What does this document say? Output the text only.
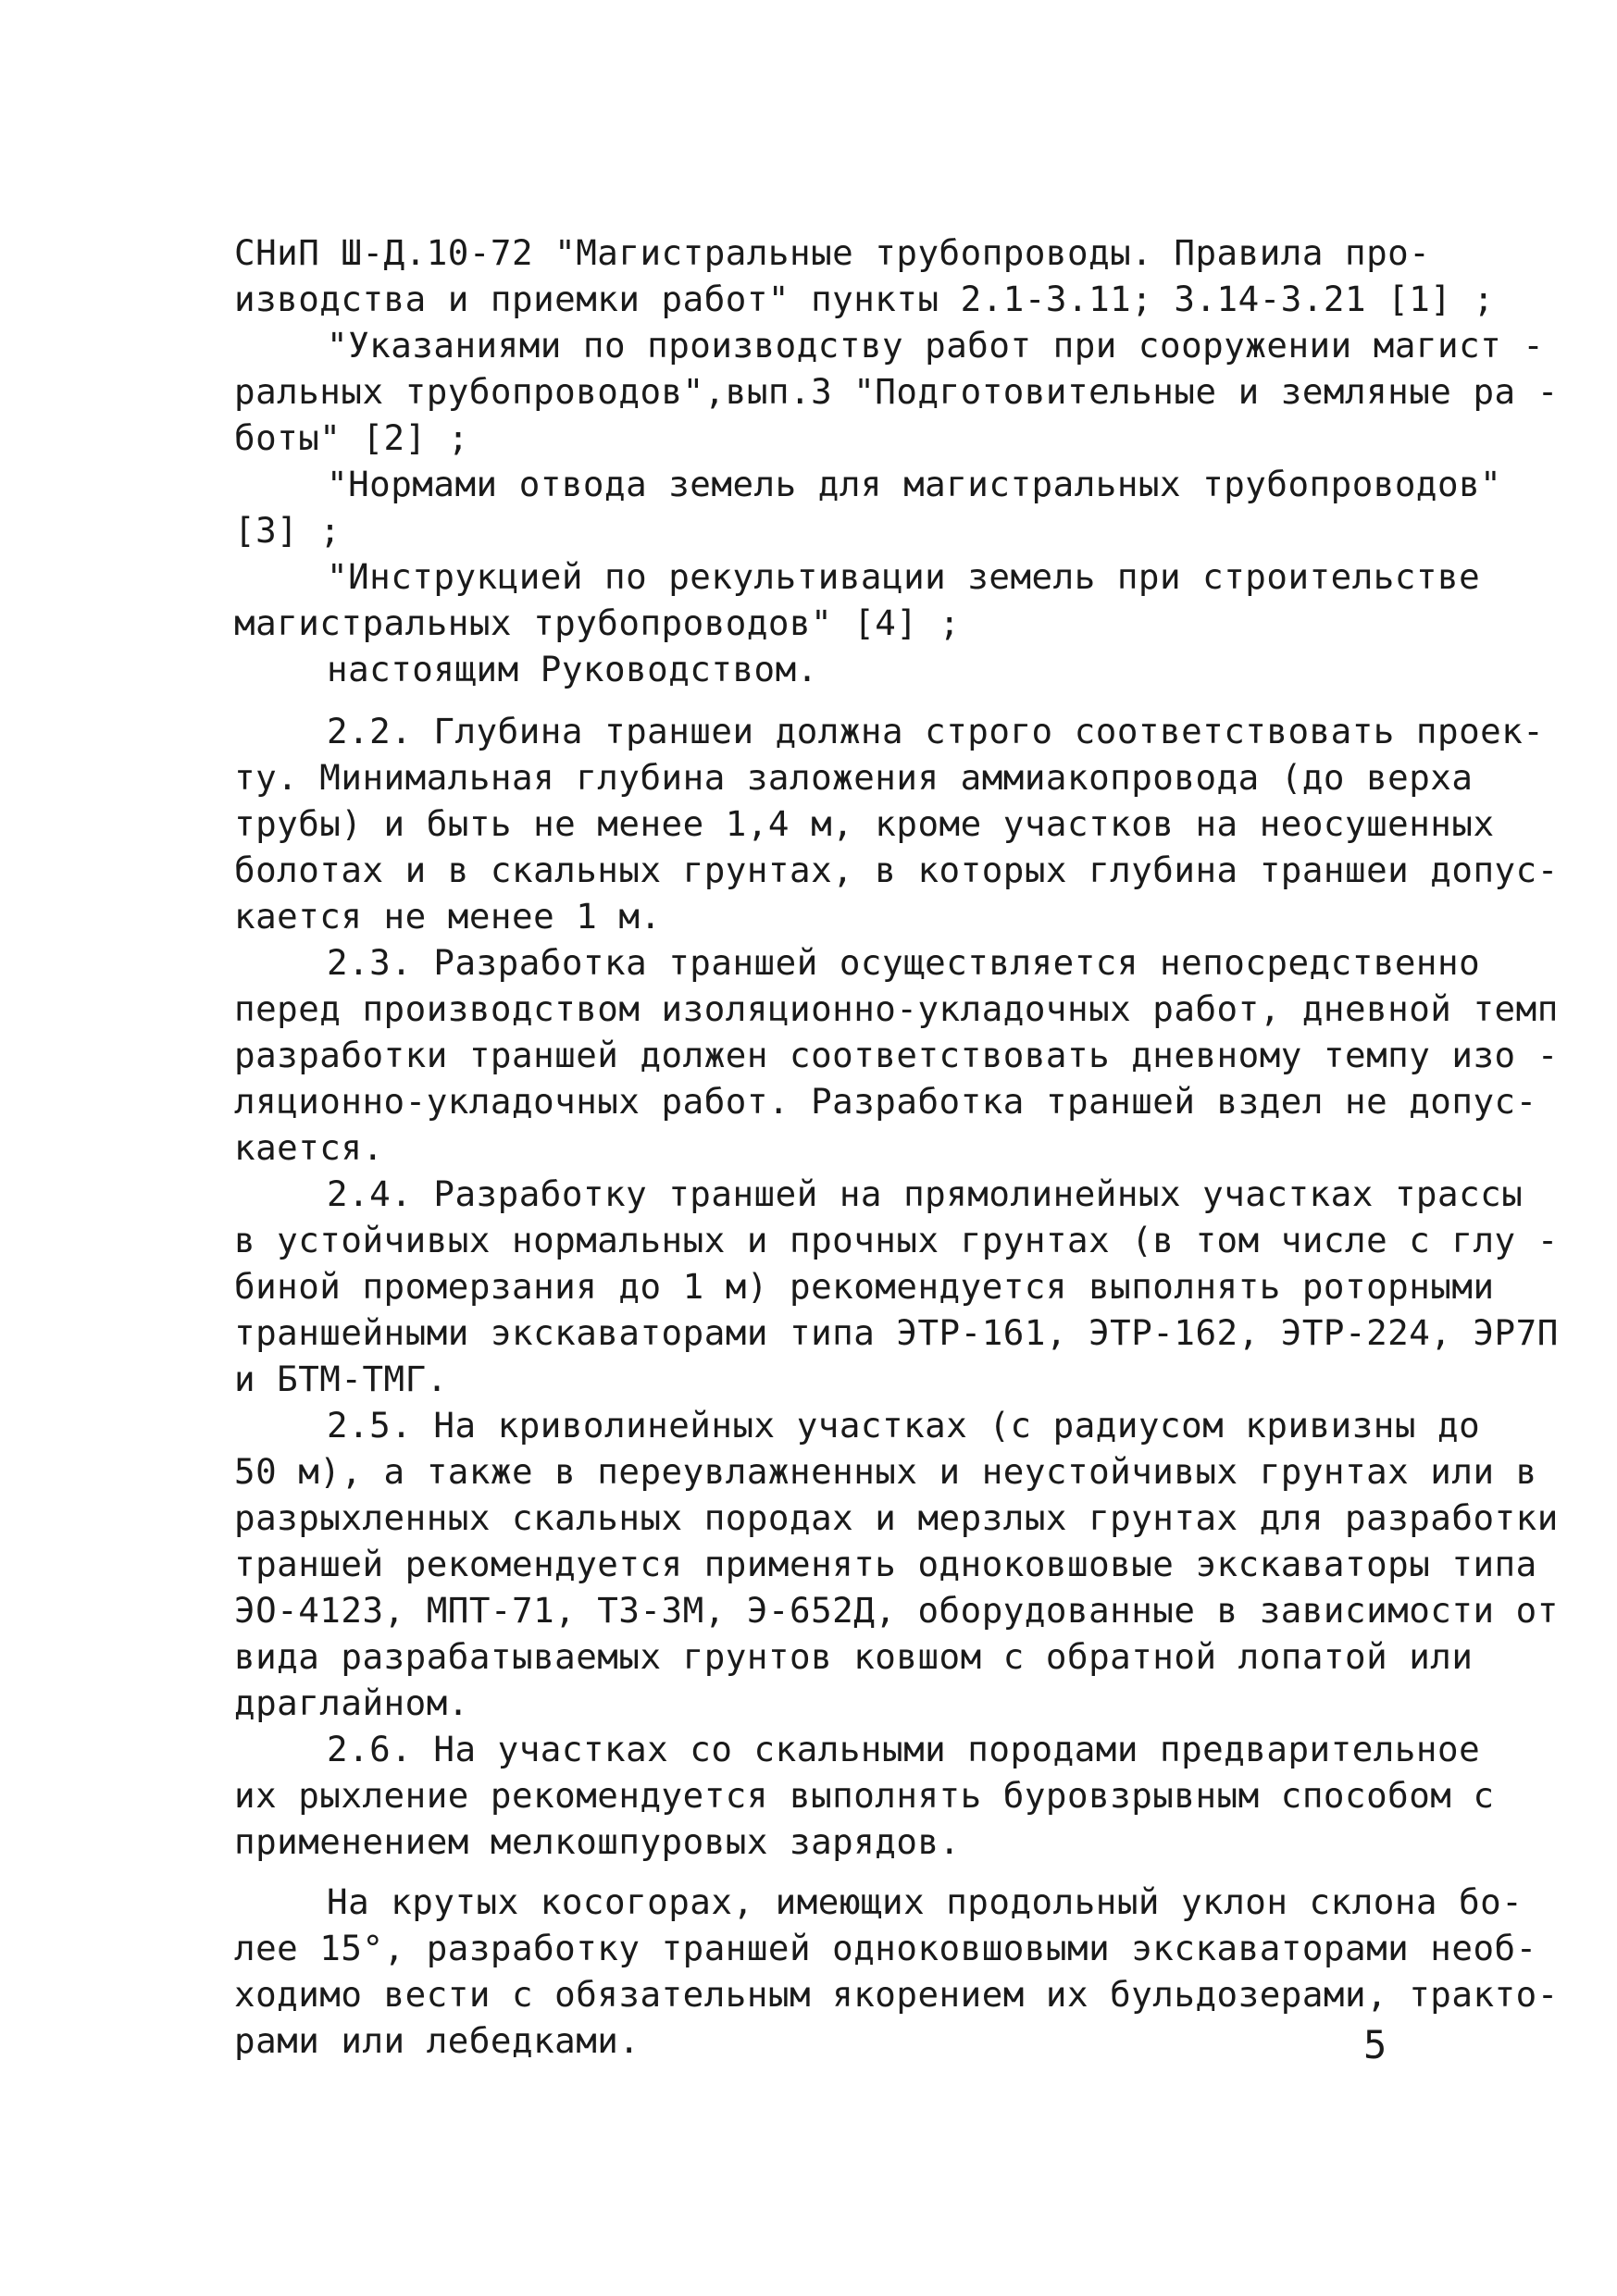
СНиП Ш-Д.10-72 "Магистральные трубопроводы. Правила про-
изводства и приемки работ" пункты 2.1-3.11; 3.14-3.21 [1] ;
"Указаниями по производству работ при сооружении магист -
ральных трубопроводов",вып.3 "Подготовительные и земляные ра -
боты" [2] ;
"Нормами отвода земель для магистральных трубопроводов"
[3] ;
"Инструкцией по рекультивации земель при строительстве
магистральных трубопроводов" [4] ;
настоящим Руководством.
2.2. Глубина траншеи должна строго соответствовать проек-
ту. Минимальная глубина заложения аммиакопровода (до верха
трубы) и быть не менее 1,4 м, кроме участков на неосушенных
болотах и в скальных грунтах, в которых глубина траншеи допус-
кается не менее 1 м.
2.3. Разработка траншей осуществляется непосредственно
перед производством изоляционно-укладочных работ, дневной темп
разработки траншей должен соответствовать дневному темпу изо -
ляционно-укладочных работ. Разработка траншей вздел не допус-
кается.
2.4. Разработку траншей на прямолинейных участках трассы
в устойчивых нормальных и прочных грунтах (в том числе с глу -
биной промерзания до 1 м) рекомендуется выполнять роторными
траншейными экскаваторами типа ЭТР-161, ЭТР-162, ЭТР-224, ЭР7П
и БТМ-ТМГ.
2.5. На криволинейных участках (с радиусом кривизны до
50 м), а также в переувлажненных и неустойчивых грунтах или в
разрыхленных скальных породах и мерзлых грунтах для разработки
траншей рекомендуется применять одноковшовые экскаваторы типа
ЭО-4123, МПТ-71, ТЗ-ЗМ, Э-652Д, оборудованные в зависимости от
вида разрабатываемых грунтов ковшом с обратной лопатой или
драглайном.
2.6. На участках со скальными породами предварительное
их рыхление рекомендуется выполнять буровзрывным способом с
применением мелкошпуровых зарядов.
На крутых косогорах, имеющих продольный уклон склона бо-
лее 15°, разработку траншей одноковшовыми экскаваторами необ-
ходимо вести с обязательным якорением их бульдозерами, тракто-
рами или лебедками.	5
